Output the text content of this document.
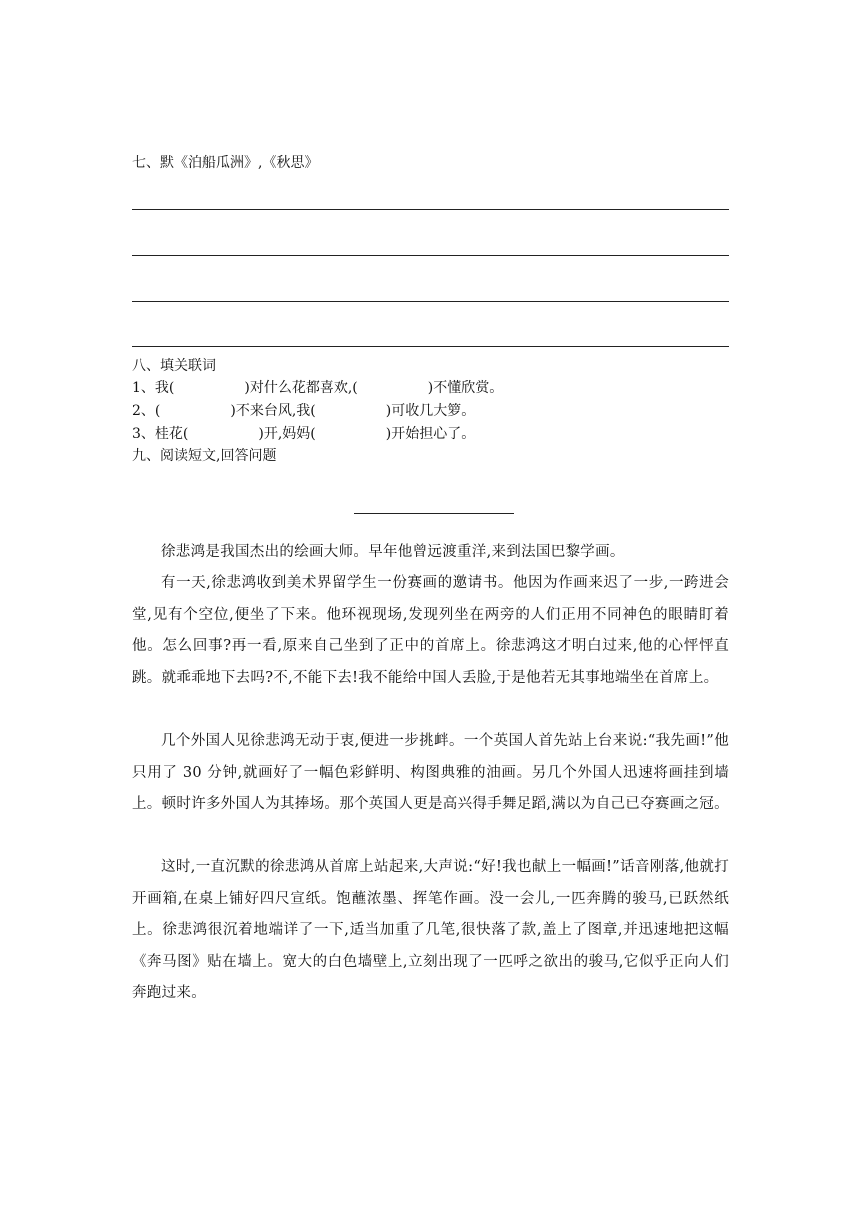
七、默《泊船瓜洲》,《秋思》
八、填关联词
1、我(	)对什么花都喜欢,(	)不懂欣赏。
2、(	)不来台风,我(	)可收几大箩。
3、桂花(	)开,妈妈(	)开始担心了。
九、阅读短文,回答问题
徐悲鸿是我国杰出的绘画大师。早年他曾远渡重洋,来到法国巴黎学画。
有一天,徐悲鸿收到美术界留学生一份赛画的邀请书。他因为作画来迟了一步,一跨进会堂,见有个空位,便坐了下来。他环视现场,发现列坐在两旁的人们正用不同神色的眼睛盯着他。怎么回事?再一看,原来自己坐到了正中的首席上。徐悲鸿这才明白过来,他的心怦怦直跳。就乖乖地下去吗?不,不能下去!我不能给中国人丢脸,于是他若无其事地端坐在首席上。
几个外国人见徐悲鸿无动于衷,便进一步挑衅。一个英国人首先站上台来说:“我先画!”他只用了 30 分钟,就画好了一幅色彩鲜明、构图典雅的油画。另几个外国人迅速将画挂到墙上。顿时许多外国人为其捧场。那个英国人更是高兴得手舞足蹈,满以为自己已夺赛画之冠。
这时,一直沉默的徐悲鸿从首席上站起来,大声说:“好!我也献上一幅画!”话音刚落,他就打开画箱,在桌上铺好四尺宣纸。饱蘸浓墨、挥笔作画。没一会儿,一匹奔腾的骏马,已跃然纸上。徐悲鸿很沉着地端详了一下,适当加重了几笔,很快落了款,盖上了图章,并迅速地把这幅《奔马图》贴在墙上。宽大的白色墙壁上,立刻出现了一匹呼之欲出的骏马,它似乎正向人们奔跑过来。
